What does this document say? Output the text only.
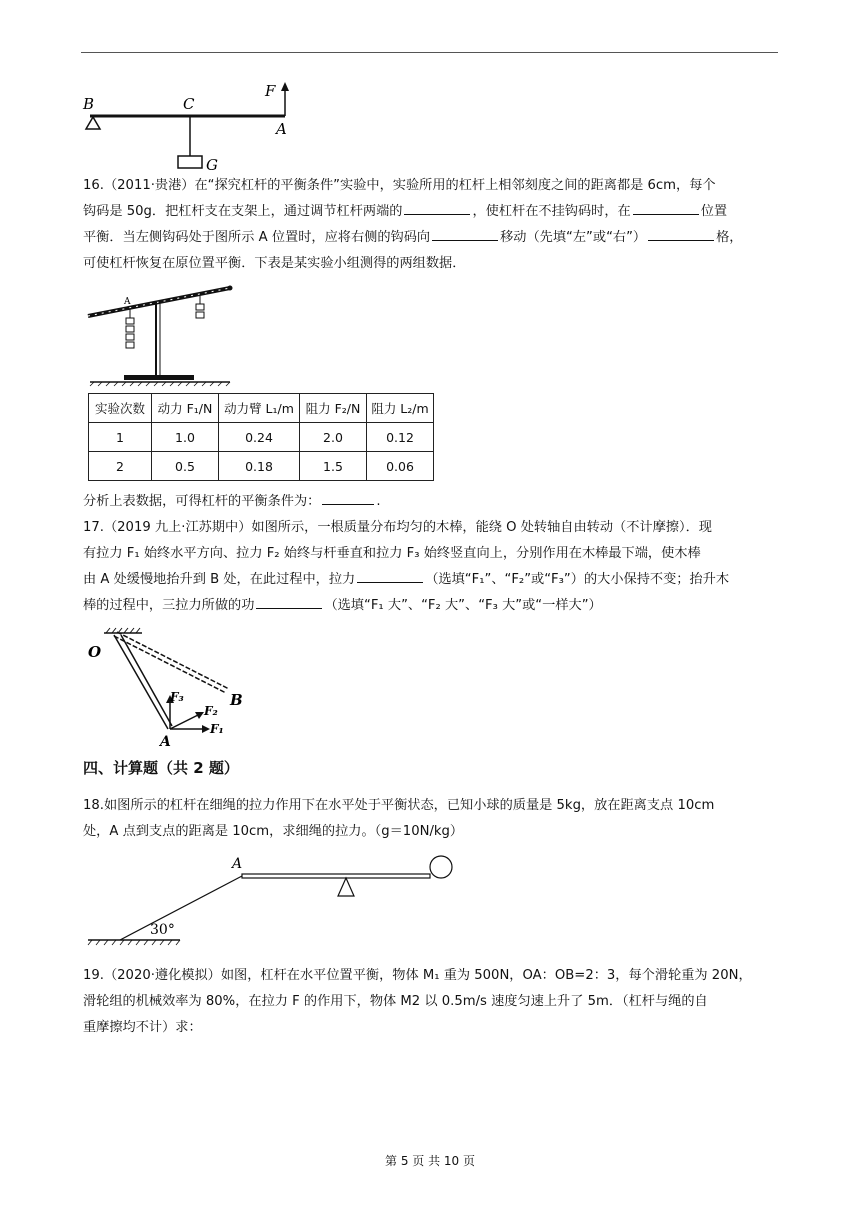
B	C
F
A
G

16.（2011·贵港）在“探究杠杆的平衡条件”实验中，实验所用的杠杆上相邻刻度之间的距离都是 6cm，每个

钩码是 50g．把杠杆支在支架上，通过调节杠杆两端的	，使杠杆在不挂钩码时，在	位置

平衡．当左侧钩码处于图所示 A 位置时，应将右侧的钩码向	移动（先填“左”或“右”）	格，

可使杠杆恢复在原位置平衡．下表是某实验小组测得的两组数据．

A
实验次数	动力 F₁/N	动力臂 L₁/m	阻力 F₂/N	阻力 L₂/m
1	1.0	0.24	2.0	0.12
2	0.5	0.18	1.5	0.06

分析上表数据，可得杠杆的平衡条件为：	.

17.（2019 九上·江苏期中）如图所示，一根质量分布均匀的木棒，能绕 O 处转轴自由转动（不计摩擦）．现

有拉力 F₁ 始终水平方向、拉力 F₂ 始终与杆垂直和拉力 F₃ 始终竖直向上，分别作用在木棒最下端，使木棒

由 A 处缓慢地抬升到 B 处，在此过程中，拉力	（选填“F₁”、“F₂”或“F₃”）的大小保持不变；抬升木

棒的过程中，三拉力所做的功	（选填“F₁ 大”、“F₂ 大”、“F₃ 大”或“一样大”）

O
B
A
F₃
F₂
F₁
四、计算题（共 2 题）

18.如图所示的杠杆在细绳的拉力作用下在水平处于平衡状态，已知小球的质量是 5kg，放在距离支点 10cm

处，A 点到支点的距离是 10cm，求细绳的拉力。（g＝10N/kg）

A
30°

19.（2020·遵化模拟）如图，杠杆在水平位置平衡，物体 M₁ 重为 500N，OA：OB=2：3，每个滑轮重为 20N，

滑轮组的机械效率为 80%，在拉力 F 的作用下，物体 M2 以 0.5m/s 速度匀速上升了 5m．（杠杆与绳的自

重摩擦均不计）求：

第 5 页 共 10 页
